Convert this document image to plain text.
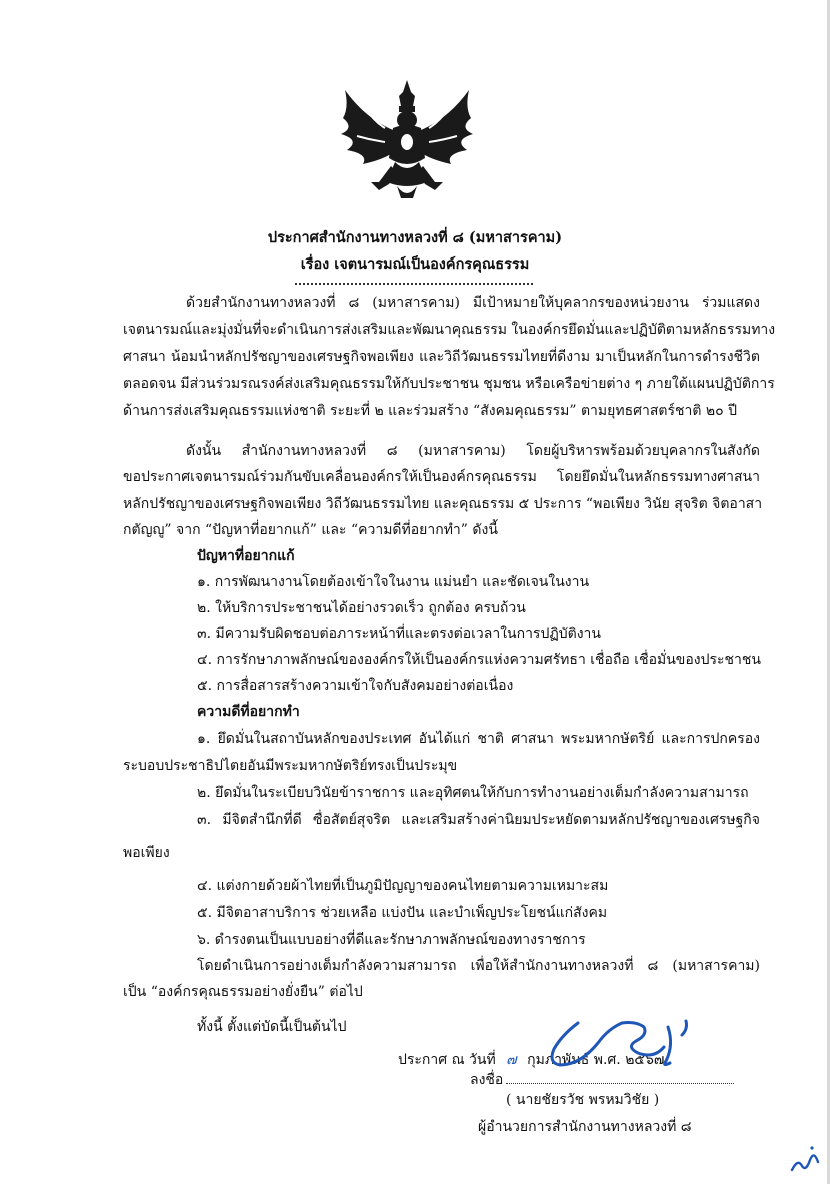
ประกาศสำนักงานทางหลวงที่ ๘ (มหาสารคาม)
เรื่อง เจตนารมณ์เป็นองค์กรคุณธรรม
ด้วยสำนักงานทางหลวงที่ ๘ (มหาสารคาม) มีเป้าหมายให้บุคลากรของหน่วยงาน ร่วมแสดง
เจตนารมณ์และมุ่งมั่นที่จะดำเนินการส่งเสริมและพัฒนาคุณธรรม ในองค์กรยึดมั่นและปฏิบัติตามหลักธรรมทาง
ศาสนา น้อมนำหลักปรัชญาของเศรษฐกิจพอเพียง และวิถีวัฒนธรรมไทยที่ดีงาม มาเป็นหลักในการดำรงชีวิต
ตลอดจน มีส่วนร่วมรณรงค์ส่งเสริมคุณธรรมให้กับประชาชน ชุมชน หรือเครือข่ายต่าง ๆ ภายใต้แผนปฏิบัติการ
ด้านการส่งเสริมคุณธรรมแห่งชาติ ระยะที่ ๒ และร่วมสร้าง “สังคมคุณธรรม” ตามยุทธศาสตร์ชาติ ๒๐ ปี
ดังนั้น สำนักงานทางหลวงที่ ๘ (มหาสารคาม) โดยผู้บริหารพร้อมด้วยบุคลากรในสังกัด
ขอประกาศเจตนารมณ์ร่วมกันขับเคลื่อนองค์กรให้เป็นองค์กรคุณธรรม โดยยึดมั่นในหลักธรรมทางศาสนา
หลักปรัชญาของเศรษฐกิจพอเพียง วิถีวัฒนธรรมไทย และคุณธรรม ๕ ประการ “พอเพียง วินัย สุจริต จิตอาสา
กตัญญู” จาก “ปัญหาที่อยากแก้” และ “ความดีที่อยากทำ” ดังนี้
ปัญหาที่อยากแก้
๑. การพัฒนางานโดยต้องเข้าใจในงาน แม่นยำ และชัดเจนในงาน
๒. ให้บริการประชาชนได้อย่างรวดเร็ว ถูกต้อง ครบถ้วน
๓. มีความรับผิดชอบต่อภาระหน้าที่และตรงต่อเวลาในการปฏิบัติงาน
๔. การรักษาภาพลักษณ์ขององค์กรให้เป็นองค์กรแห่งความศรัทธา เชื่อถือ เชื่อมั่นของประชาชน
๕. การสื่อสารสร้างความเข้าใจกับสังคมอย่างต่อเนื่อง
ความดีที่อยากทำ
๑. ยึดมั่นในสถาบันหลักของประเทศ อันได้แก่ ชาติ ศาสนา พระมหากษัตริย์ และการปกครอง
ระบอบประชาธิปไตยอันมีพระมหากษัตริย์ทรงเป็นประมุข
๒. ยึดมั่นในระเบียบวินัยข้าราชการ และอุทิศตนให้กับการทำงานอย่างเต็มกำลังความสามารถ
๓. มีจิตสำนึกที่ดี ซื่อสัตย์สุจริต และเสริมสร้างค่านิยมประหยัดตามหลักปรัชญาของเศรษฐกิจ
พอเพียง
๔. แต่งกายด้วยผ้าไทยที่เป็นภูมิปัญญาของคนไทยตามความเหมาะสม
๕. มีจิตอาสาบริการ ช่วยเหลือ แบ่งปัน และบำเพ็ญประโยชน์แก่สังคม
๖. ดำรงตนเป็นแบบอย่างที่ดีและรักษาภาพลักษณ์ของทางราชการ
โดยดำเนินการอย่างเต็มกำลังความสามารถ เพื่อให้สำนักงานทางหลวงที่ ๘ (มหาสารคาม)
เป็น “องค์กรคุณธรรมอย่างยั่งยืน” ต่อไป
ทั้งนี้ ตั้งแต่บัดนี้เป็นต้นไป
ประกาศ ณ วันที่ ๗ กุมภาพันธ์ พ.ศ. ๒๕๖๗
ลงชื่อ
( นายชัยรวัช พรหมวิชัย )
ผู้อำนวยการสำนักงานทางหลวงที่ ๘
